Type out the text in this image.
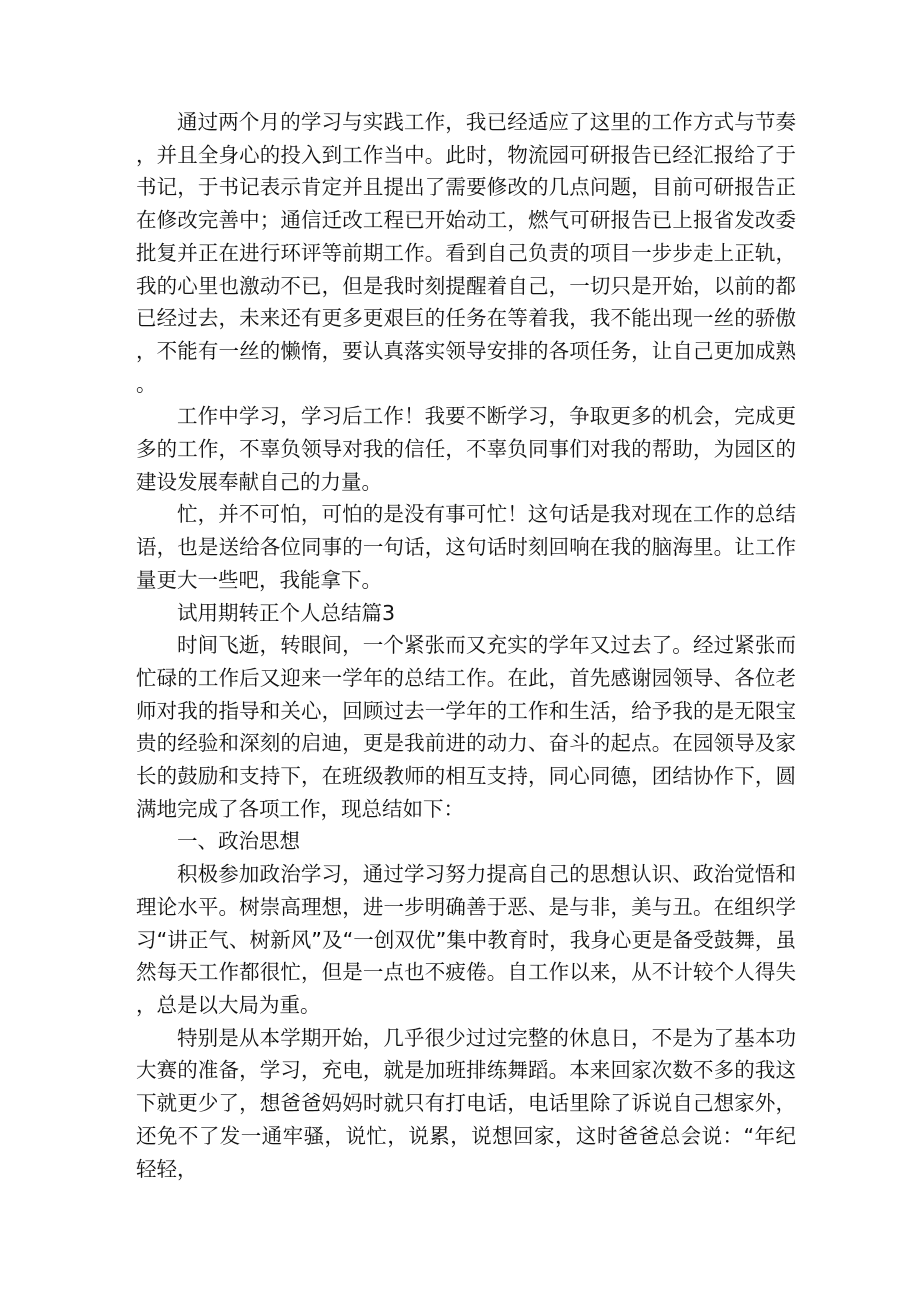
通过两个月的学习与实践工作，我已经适应了这里的工作方式与节奏，并且全身心的投入到工作当中。此时，物流园可研报告已经汇报给了于书记，于书记表示肯定并且提出了需要修改的几点问题，目前可研报告正在修改完善中；通信迁改工程已开始动工，燃气可研报告已上报省发改委批复并正在进行环评等前期工作。看到自己负责的项目一步步走上正轨，我的心里也激动不已，但是我时刻提醒着自己，一切只是开始，以前的都已经过去，未来还有更多更艰巨的任务在等着我，我不能出现一丝的骄傲，不能有一丝的懒惰，要认真落实领导安排的各项任务，让自己更加成熟。

工作中学习，学习后工作！我要不断学习，争取更多的机会，完成更多的工作，不辜负领导对我的信任，不辜负同事们对我的帮助，为园区的建设发展奉献自己的力量。

忙，并不可怕，可怕的是没有事可忙！这句话是我对现在工作的总结语，也是送给各位同事的一句话，这句话时刻回响在我的脑海里。让工作量更大一些吧，我能拿下。

试用期转正个人总结篇3

时间飞逝，转眼间，一个紧张而又充实的学年又过去了。经过紧张而忙碌的工作后又迎来一学年的总结工作。在此，首先感谢园领导、各位老师对我的指导和关心，回顾过去一学年的工作和生活，给予我的是无限宝贵的经验和深刻的启迪，更是我前进的动力、奋斗的起点。在园领导及家长的鼓励和支持下，在班级教师的相互支持，同心同德，团结协作下，圆满地完成了各项工作，现总结如下：

一、政治思想

积极参加政治学习，通过学习努力提高自己的思想认识、政治觉悟和理论水平。树崇高理想，进一步明确善于恶、是与非，美与丑。在组织学习“讲正气、树新风”及“一创双优”集中教育时，我身心更是备受鼓舞，虽然每天工作都很忙，但是一点也不疲倦。自工作以来，从不计较个人得失，总是以大局为重。

特别是从本学期开始，几乎很少过过完整的休息日，不是为了基本功大赛的准备，学习，充电，就是加班排练舞蹈。本来回家次数不多的我这下就更少了，想爸爸妈妈时就只有打电话，电话里除了诉说自己想家外，还免不了发一通牢骚，说忙，说累，说想回家，这时爸爸总会说：“年纪轻轻，
